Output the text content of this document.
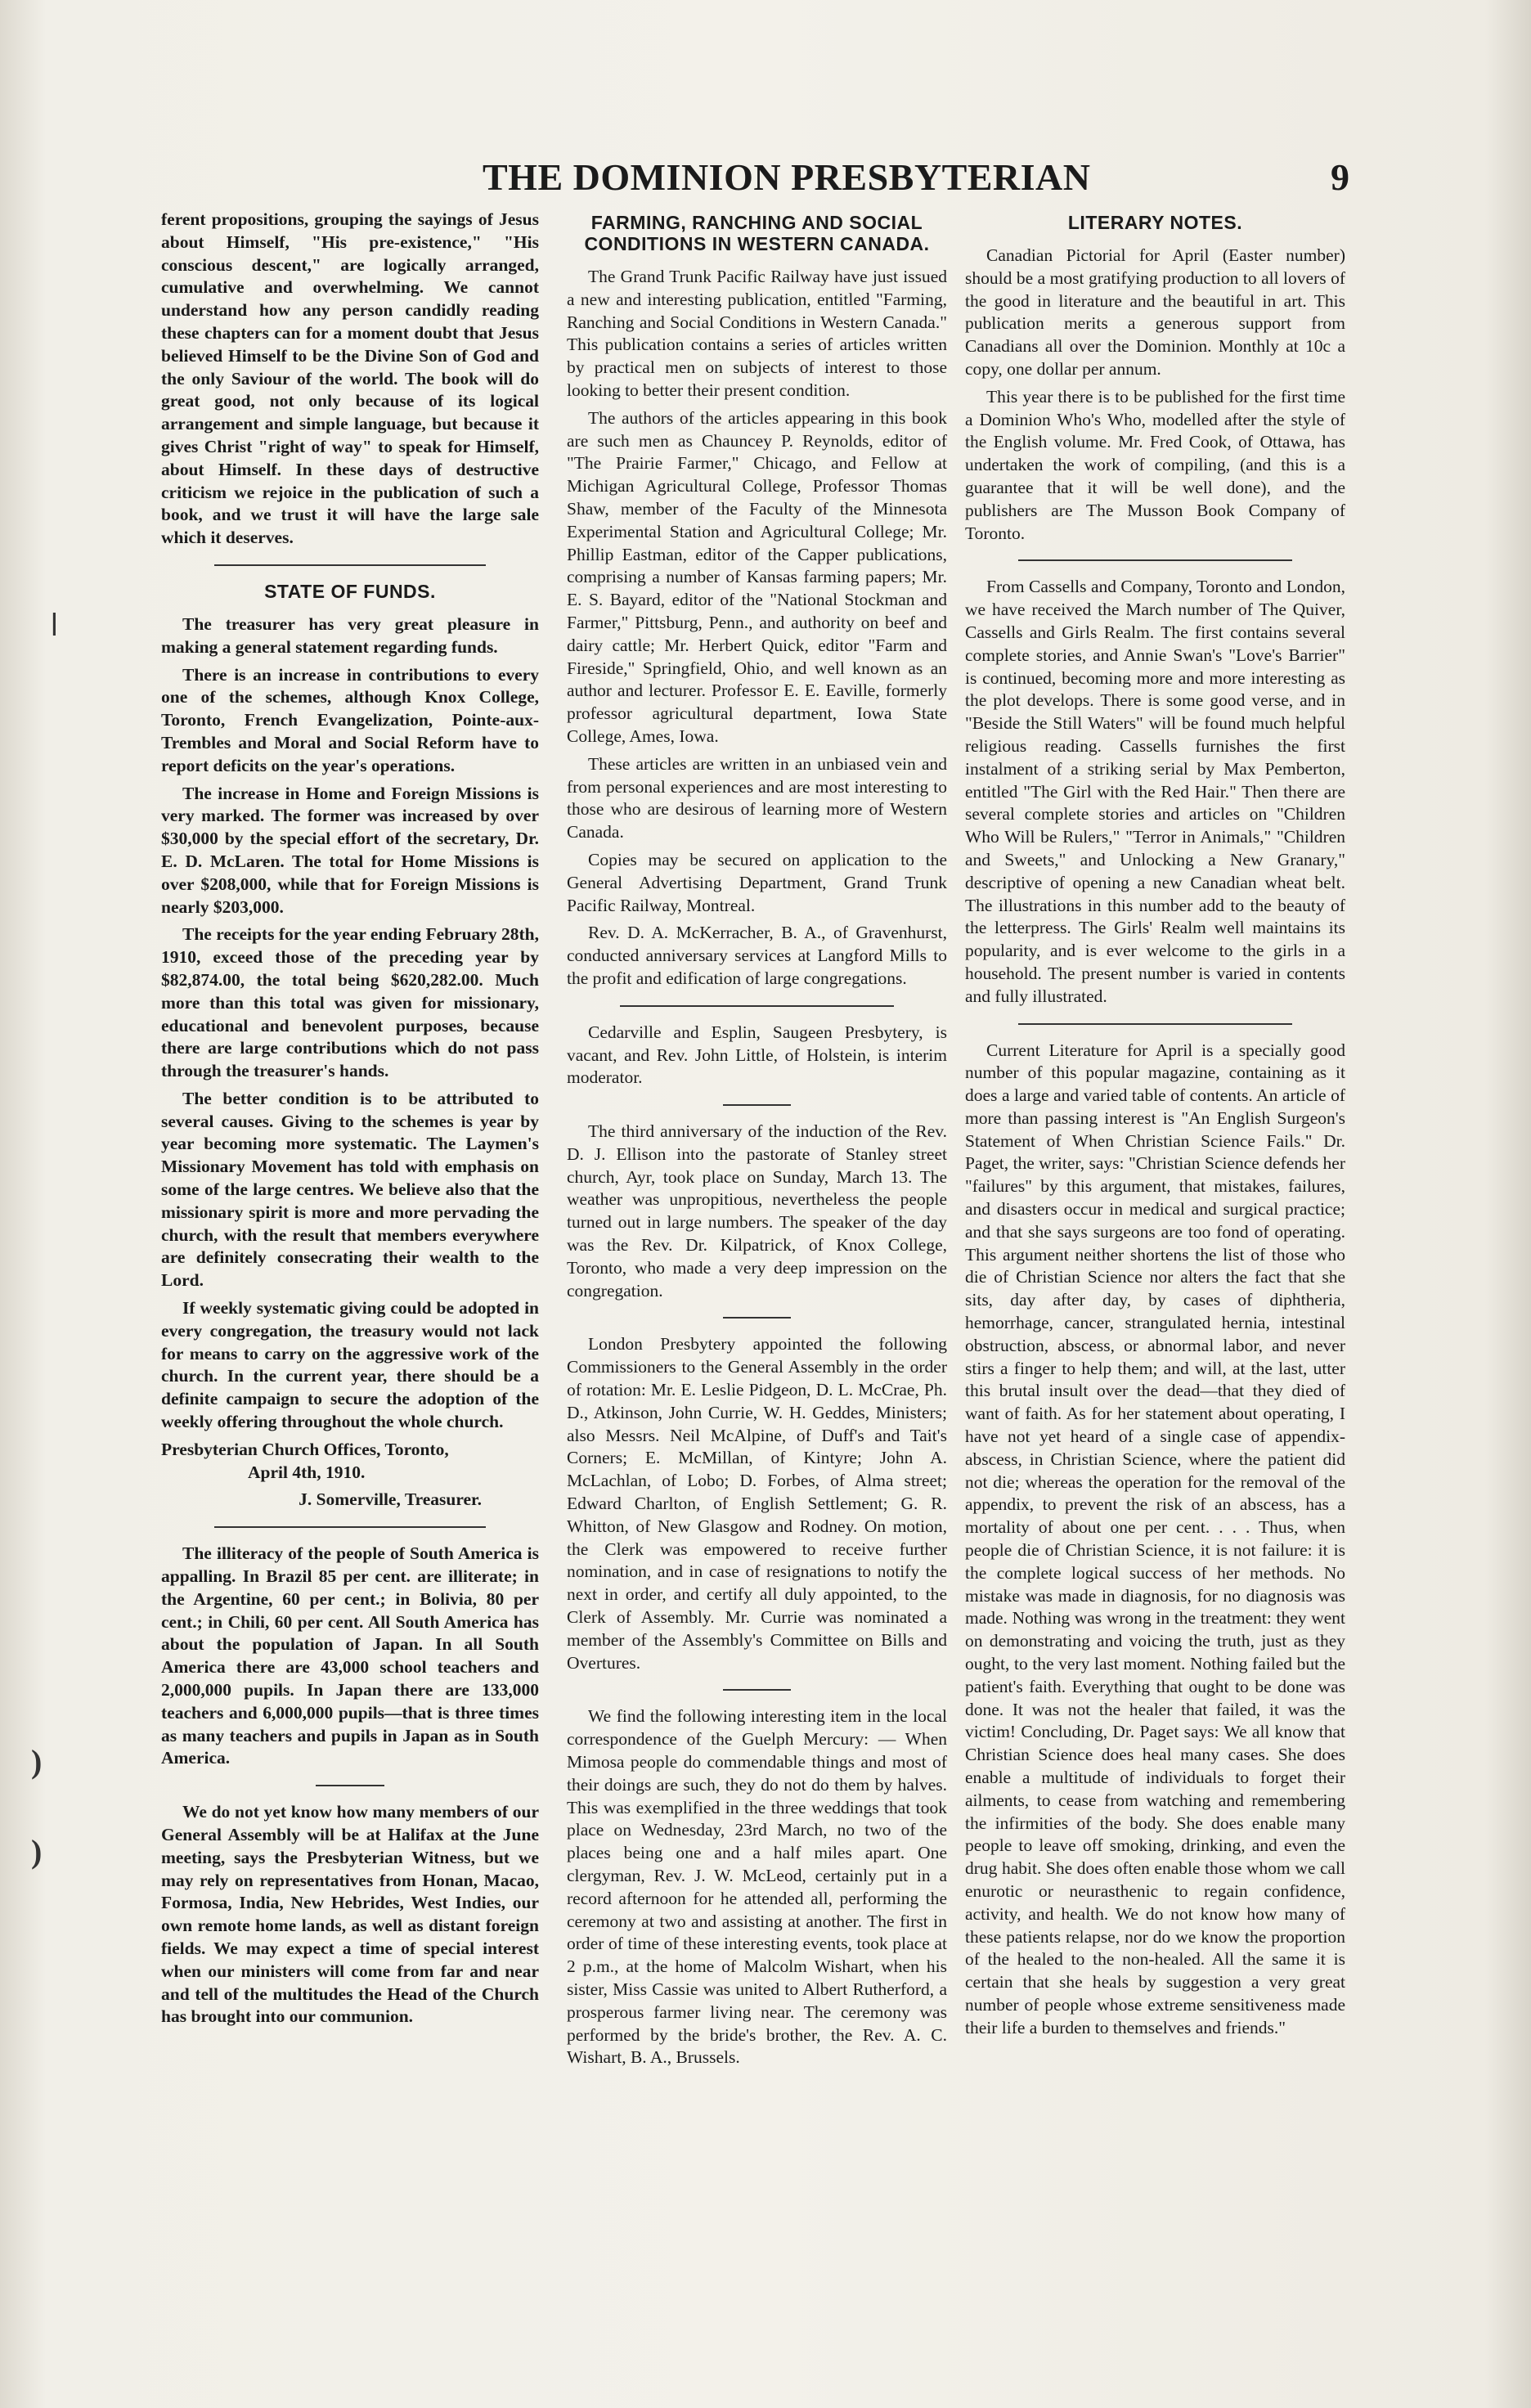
THE DOMINION PRESBYTERIAN	9
ǀ
)
)

ferent propositions, grouping the sayings of Jesus about Himself, "His pre-existence," "His conscious descent," are logically arranged, cumulative and overwhelming. We cannot understand how any person candidly reading these chapters can for a moment doubt that Jesus believed Himself to be the Divine Son of God and the only Saviour of the world. The book will do great good, not only because of its logical arrangement and simple language, but because it gives Christ "right of way" to speak for Himself, about Himself. In these days of destructive criticism we rejoice in the publication of such a book, and we trust it will have the large sale which it deserves.

STATE OF FUNDS.

The treasurer has very great pleasure in making a general statement regarding funds.

There is an increase in contributions to every one of the schemes, although Knox College, Toronto, French Evangelization, Pointe-aux-Trembles and Moral and Social Reform have to report deficits on the year's operations.

The increase in Home and Foreign Missions is very marked. The former was increased by over $30,000 by the special effort of the secretary, Dr. E. D. McLaren. The total for Home Missions is over $208,000, while that for Foreign Missions is nearly $203,000.

The receipts for the year ending February 28th, 1910, exceed those of the preceding year by $82,874.00, the total being $620,282.00. Much more than this total was given for missionary, educational and benevolent purposes, because there are large contributions which do not pass through the treasurer's hands.

The better condition is to be attributed to several causes. Giving to the schemes is year by year becoming more systematic. The Laymen's Missionary Movement has told with emphasis on some of the large centres. We believe also that the missionary spirit is more and more pervading the church, with the result that members everywhere are definitely consecrating their wealth to the Lord.

If weekly systematic giving could be adopted in every congregation, the treasury would not lack for means to carry on the aggressive work of the church. In the current year, there should be a definite campaign to secure the adoption of the weekly offering throughout the whole church.

Presbyterian Church Offices, Toronto,

April 4th, 1910.

J. Somerville, Treasurer.

The illiteracy of the people of South America is appalling. In Brazil 85 per cent. are illiterate; in the Argentine, 60 per cent.; in Bolivia, 80 per cent.; in Chili, 60 per cent. All South America has about the population of Japan. In all South America there are 43,000 school teachers and 2,000,000 pupils. In Japan there are 133,000 teachers and 6,000,000 pupils—that is three times as many teachers and pupils in Japan as in South America.

We do not yet know how many members of our General Assembly will be at Halifax at the June meeting, says the Presbyterian Witness, but we may rely on representatives from Honan, Macao, Formosa, India, New Hebrides, West Indies, our own remote home lands, as well as distant foreign fields. We may expect a time of special interest when our ministers will come from far and near and tell of the multitudes the Head of the Church has brought into our communion.

FARMING, RANCHING AND SOCIAL CONDITIONS IN WESTERN CANADA.

The Grand Trunk Pacific Railway have just issued a new and interesting publication, entitled "Farming, Ranching and Social Conditions in Western Canada." This publication contains a series of articles written by practical men on subjects of interest to those looking to better their present condition.

The authors of the articles appearing in this book are such men as Chauncey P. Reynolds, editor of "The Prairie Farmer," Chicago, and Fellow at Michigan Agricultural College, Professor Thomas Shaw, member of the Faculty of the Minnesota Experimental Station and Agricultural College; Mr. Phillip Eastman, editor of the Capper publications, comprising a number of Kansas farming papers; Mr. E. S. Bayard, editor of the "National Stockman and Farmer," Pittsburg, Penn., and authority on beef and dairy cattle; Mr. Herbert Quick, editor "Farm and Fireside," Springfield, Ohio, and well known as an author and lecturer. Professor E. E. Eaville, formerly professor agricultural department, Iowa State College, Ames, Iowa.

These articles are written in an unbiased vein and from personal experiences and are most interesting to those who are desirous of learning more of Western Canada.

Copies may be secured on application to the General Advertising Department, Grand Trunk Pacific Railway, Montreal.

Rev. D. A. McKerracher, B. A., of Gravenhurst, conducted anniversary services at Langford Mills to the profit and edification of large congregations.

Cedarville and Esplin, Saugeen Presbytery, is vacant, and Rev. John Little, of Holstein, is interim moderator.

The third anniversary of the induction of the Rev. D. J. Ellison into the pastorate of Stanley street church, Ayr, took place on Sunday, March 13. The weather was unpropitious, nevertheless the people turned out in large numbers. The speaker of the day was the Rev. Dr. Kilpatrick, of Knox College, Toronto, who made a very deep impression on the congregation.

London Presbytery appointed the following Commissioners to the General Assembly in the order of rotation: Mr. E. Leslie Pidgeon, D. L. McCrae, Ph. D., Atkinson, John Currie, W. H. Geddes, Ministers; also Messrs. Neil McAlpine, of Duff's and Tait's Corners; E. McMillan, of Kintyre; John A. McLachlan, of Lobo; D. Forbes, of Alma street; Edward Charlton, of English Settlement; G. R. Whitton, of New Glasgow and Rodney. On motion, the Clerk was empowered to receive further nomination, and in case of resignations to notify the next in order, and certify all duly appointed, to the Clerk of Assembly. Mr. Currie was nominated a member of the Assembly's Committee on Bills and Overtures.

We find the following interesting item in the local correspondence of the Guelph Mercury: — When Mimosa people do commendable things and most of their doings are such, they do not do them by halves. This was exemplified in the three weddings that took place on Wednesday, 23rd March, no two of the places being one and a half miles apart. One clergyman, Rev. J. W. McLeod, certainly put in a record afternoon for he attended all, performing the ceremony at two and assisting at another. The first in order of time of these interesting events, took place at 2 p.m., at the home of Malcolm Wishart, when his sister, Miss Cassie was united to Albert Rutherford, a prosperous farmer living near. The ceremony was performed by the bride's brother, the Rev. A. C. Wishart, B. A., Brussels.

LITERARY NOTES.

Canadian Pictorial for April (Easter number) should be a most gratifying production to all lovers of the good in literature and the beautiful in art. This publication merits a generous support from Canadians all over the Dominion. Monthly at 10c a copy, one dollar per annum.

This year there is to be published for the first time a Dominion Who's Who, modelled after the style of the English volume. Mr. Fred Cook, of Ottawa, has undertaken the work of compiling, (and this is a guarantee that it will be well done), and the publishers are The Musson Book Company of Toronto.

From Cassells and Company, Toronto and London, we have received the March number of The Quiver, Cassells and Girls Realm. The first contains several complete stories, and Annie Swan's "Love's Barrier" is continued, becoming more and more interesting as the plot develops. There is some good verse, and in "Beside the Still Waters" will be found much helpful religious reading. Cassells furnishes the first instalment of a striking serial by Max Pemberton, entitled "The Girl with the Red Hair." Then there are several complete stories and articles on "Children Who Will be Rulers," "Terror in Animals," "Children and Sweets," and Unlocking a New Granary," descriptive of opening a new Canadian wheat belt. The illustrations in this number add to the beauty of the letterpress. The Girls' Realm well maintains its popularity, and is ever welcome to the girls in a household. The present number is varied in contents and fully illustrated.

Current Literature for April is a specially good number of this popular magazine, containing as it does a large and varied table of contents. An article of more than passing interest is "An English Surgeon's Statement of When Christian Science Fails." Dr. Paget, the writer, says: "Christian Science defends her "failures" by this argument, that mistakes, failures, and disasters occur in medical and surgical practice; and that she says surgeons are too fond of operating. This argument neither shortens the list of those who die of Christian Science nor alters the fact that she sits, day after day, by cases of diphtheria, hemorrhage, cancer, strangulated hernia, intestinal obstruction, abscess, or abnormal labor, and never stirs a finger to help them; and will, at the last, utter this brutal insult over the dead—that they died of want of faith. As for her statement about operating, I have not yet heard of a single case of appendix-abscess, in Christian Science, where the patient did not die; whereas the operation for the removal of the appendix, to prevent the risk of an abscess, has a mortality of about one per cent. . . . Thus, when people die of Christian Science, it is not failure: it is the complete logical success of her methods. No mistake was made in diagnosis, for no diagnosis was made. Nothing was wrong in the treatment: they went on demonstrating and voicing the truth, just as they ought, to the very last moment. Nothing failed but the patient's faith. Everything that ought to be done was done. It was not the healer that failed, it was the victim! Concluding, Dr. Paget says: We all know that Christian Science does heal many cases. She does enable a multitude of individuals to forget their ailments, to cease from watching and remembering the infirmities of the body. She does enable many people to leave off smoking, drinking, and even the drug habit. She does often enable those whom we call enurotic or neurasthenic to regain confidence, activity, and health. We do not know how many of these patients relapse, nor do we know the proportion of the healed to the non-healed. All the same it is certain that she heals by suggestion a very great number of people whose extreme sensitiveness made their life a burden to themselves and friends."
